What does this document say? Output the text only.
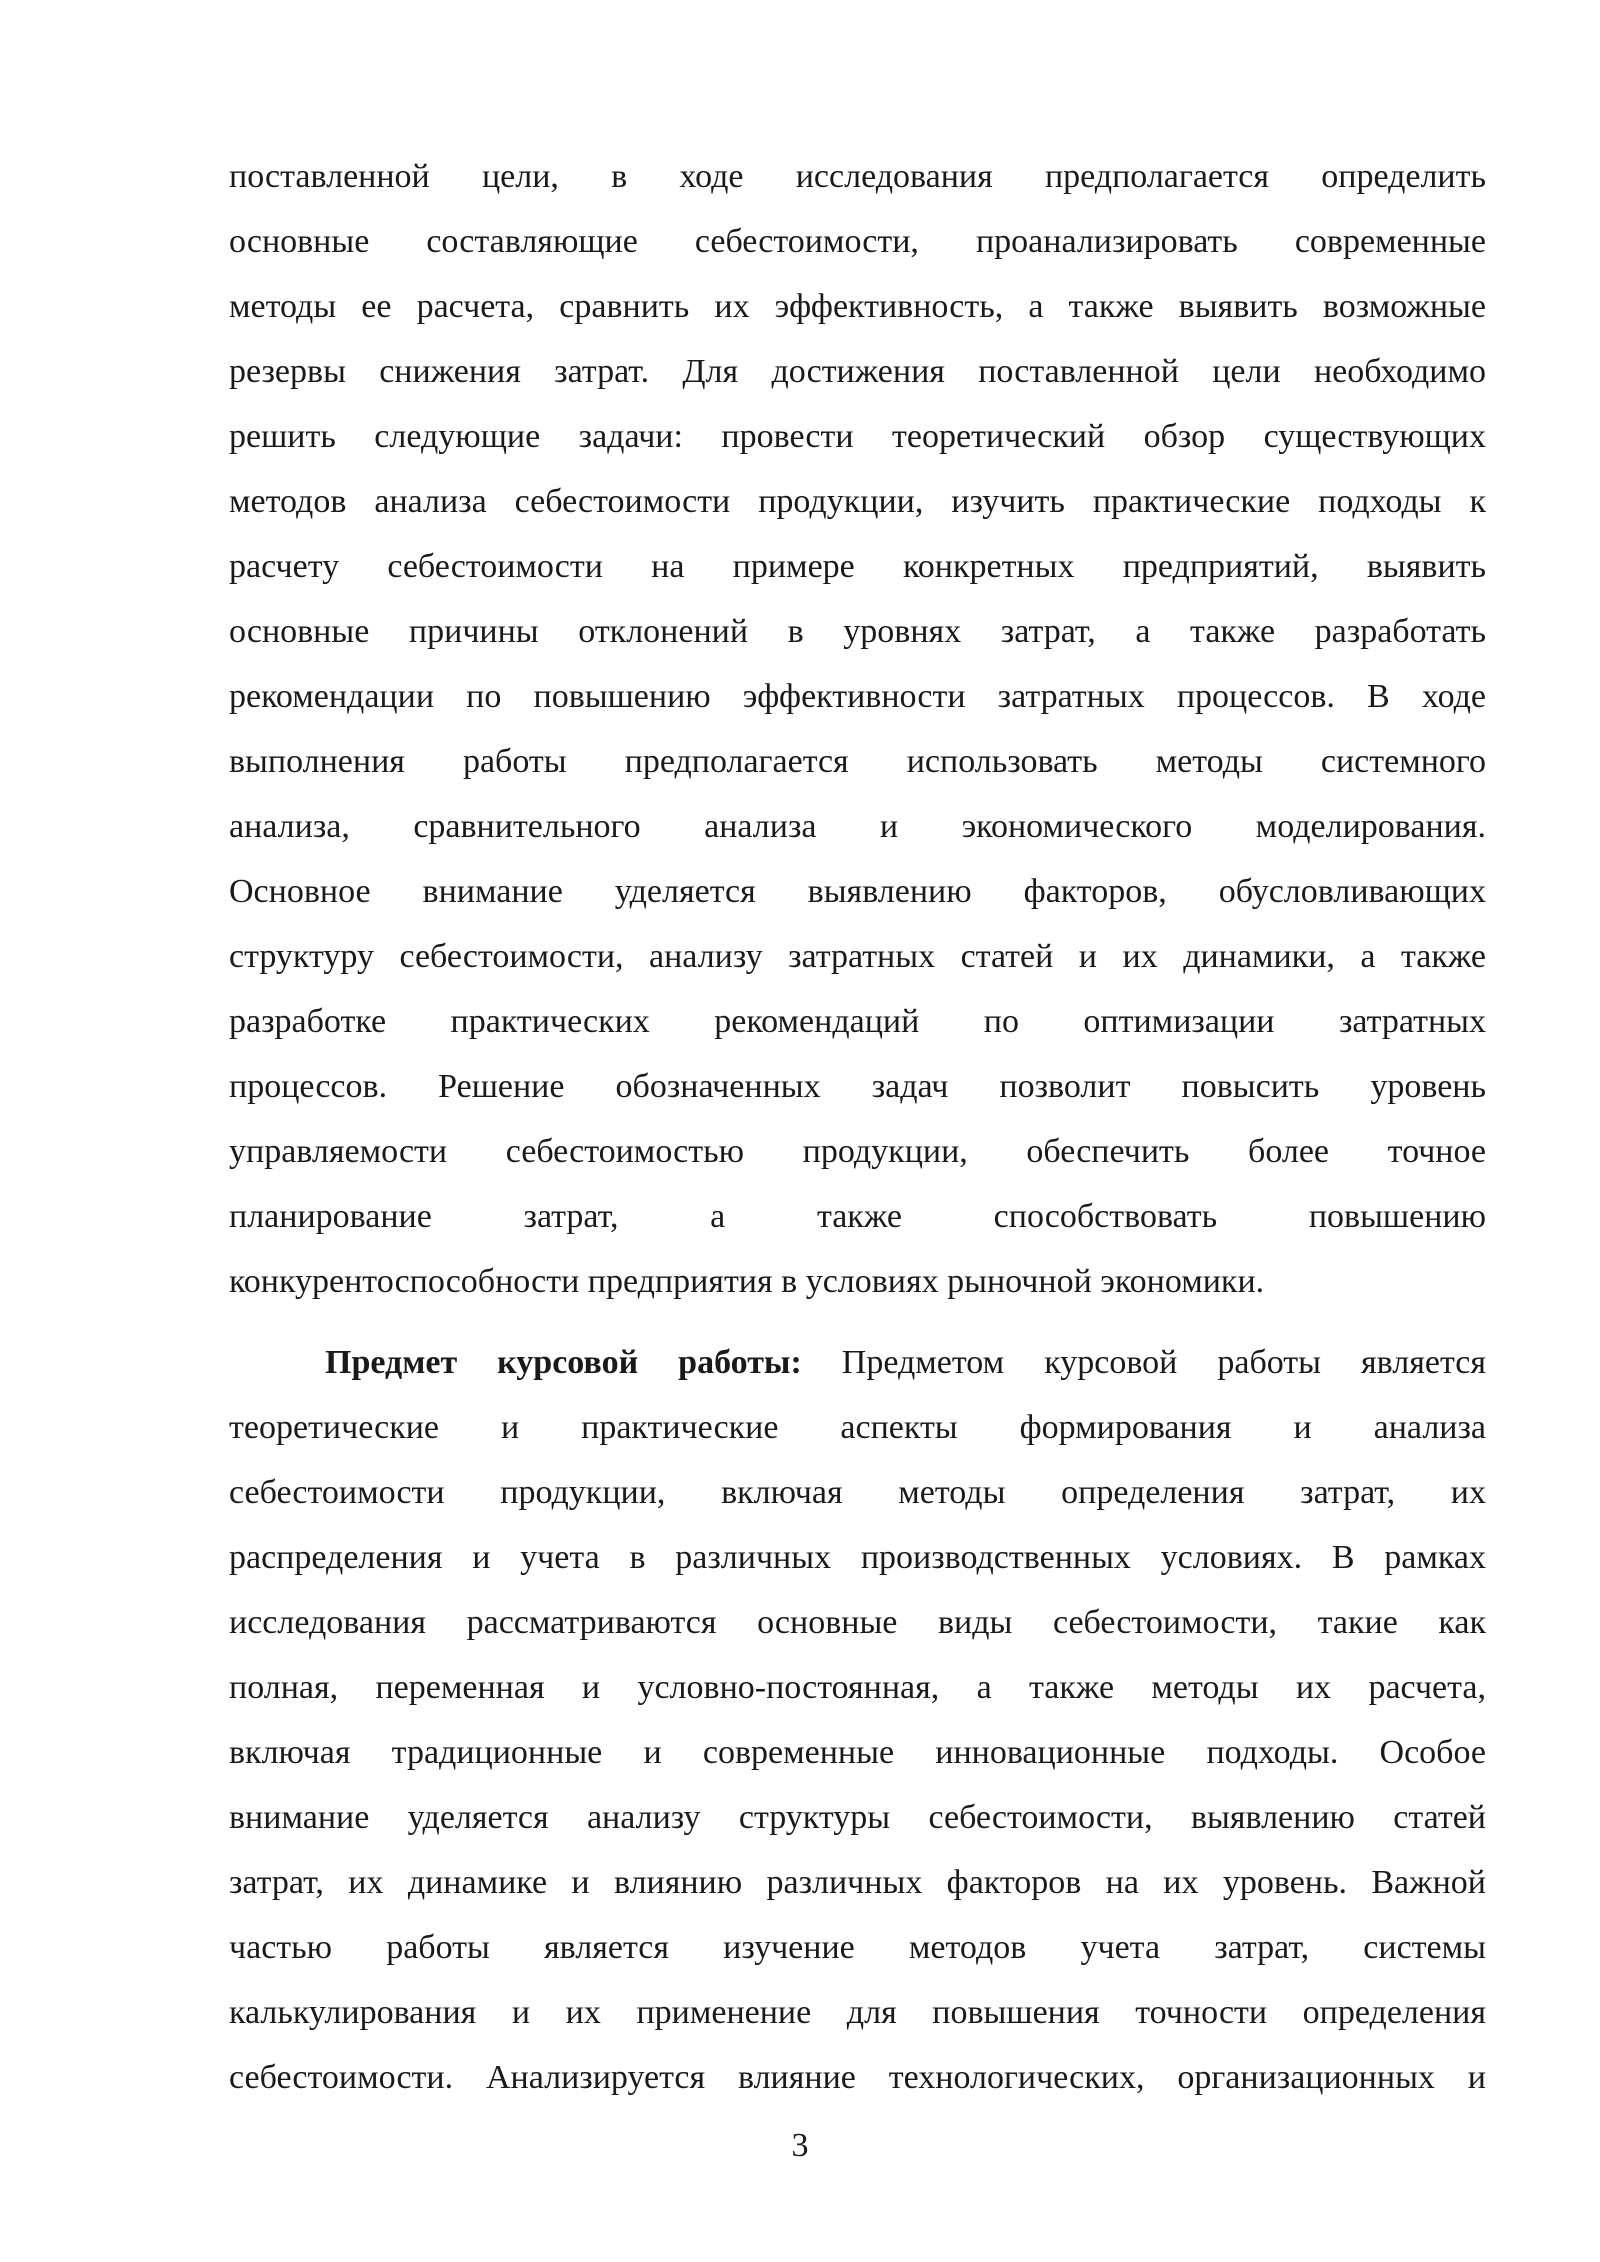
поставленной цели, в ходе исследования предполагается определить
основные составляющие себестоимости, проанализировать современные
методы ее расчета, сравнить их эффективность, а также выявить возможные
резервы снижения затрат. Для достижения поставленной цели необходимо
решить следующие задачи: провести теоретический обзор существующих
методов анализа себестоимости продукции, изучить практические подходы к
расчету себестоимости на примере конкретных предприятий, выявить
основные причины отклонений в уровнях затрат, а также разработать
рекомендации по повышению эффективности затратных процессов. В ходе
выполнения работы предполагается использовать методы системного
анализа, сравнительного анализа и экономического моделирования.
Основное внимание уделяется выявлению факторов, обусловливающих
структуру себестоимости, анализу затратных статей и их динамики, а также
разработке практических рекомендаций по оптимизации затратных
процессов. Решение обозначенных задач позволит повысить уровень
управляемости себестоимостью продукции, обеспечить более точное
планирование затрат, а также способствовать повышению
конкурентоспособности предприятия в условиях рыночной экономики.
Предмет курсовой работы: Предметом курсовой работы является
теоретические и практические аспекты формирования и анализа
себестоимости продукции, включая методы определения затрат, их
распределения и учета в различных производственных условиях. В рамках
исследования рассматриваются основные виды себестоимости, такие как
полная, переменная и условно-постоянная, а также методы их расчета,
включая традиционные и современные инновационные подходы. Особое
внимание уделяется анализу структуры себестоимости, выявлению статей
затрат, их динамике и влиянию различных факторов на их уровень. Важной
частью работы является изучение методов учета затрат, системы
калькулирования и их применение для повышения точности определения
себестоимости. Анализируется влияние технологических, организационных и
3
